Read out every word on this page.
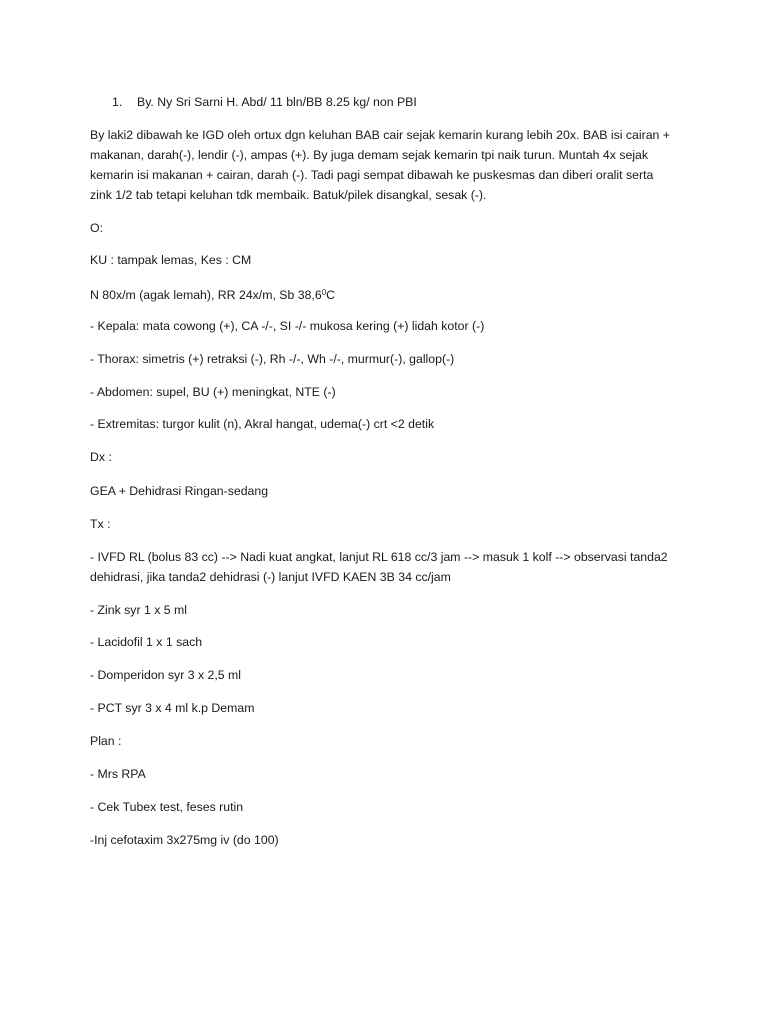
1. By. Ny Sri Sarni H. Abd/ 11 bln/BB 8.25 kg/ non PBI
By laki2 dibawah ke IGD oleh ortux dgn keluhan BAB cair sejak kemarin kurang lebih 20x. BAB isi cairan +
makanan, darah(-), lendir (-), ampas (+). By juga demam sejak kemarin tpi naik turun. Muntah 4x sejak
kemarin isi makanan + cairan, darah (-). Tadi pagi sempat dibawah ke puskesmas dan diberi oralit serta
zink 1/2 tab tetapi keluhan tdk membaik. Batuk/pilek disangkal, sesak (-).
O:
KU : tampak lemas, Kes : CM
N 80x/m (agak lemah), RR 24x/m, Sb 38,6$^0$C
- Kepala: mata cowong (+), CA -/-, SI -/- mukosa kering (+) lidah kotor (-)
- Thorax: simetris (+) retraksi (-), Rh -/-, Wh -/-, murmur(-), gallop(-)
- Abdomen: supel, BU (+) meningkat, NTE (-)
- Extremitas: turgor kulit (n), Akral hangat, udema(-) crt <2 detik
Dx :
GEA + Dehidrasi Ringan-sedang
Tx :
- IVFD RL (bolus 83 cc) --> Nadi kuat angkat, lanjut RL 618 cc/3 jam --> masuk 1 kolf --> observasi tanda2
dehidrasi, jika tanda2 dehidrasi (-) lanjut IVFD KAEN 3B 34 cc/jam
- Zink syr 1 x 5 ml
- Lacidofil 1 x 1 sach
- Domperidon syr 3 x 2,5 ml
- PCT syr 3 x 4 ml k.p Demam
Plan :
- Mrs RPA
- Cek Tubex test, feses rutin
-Inj cefotaxim 3x275mg iv (do 100)
